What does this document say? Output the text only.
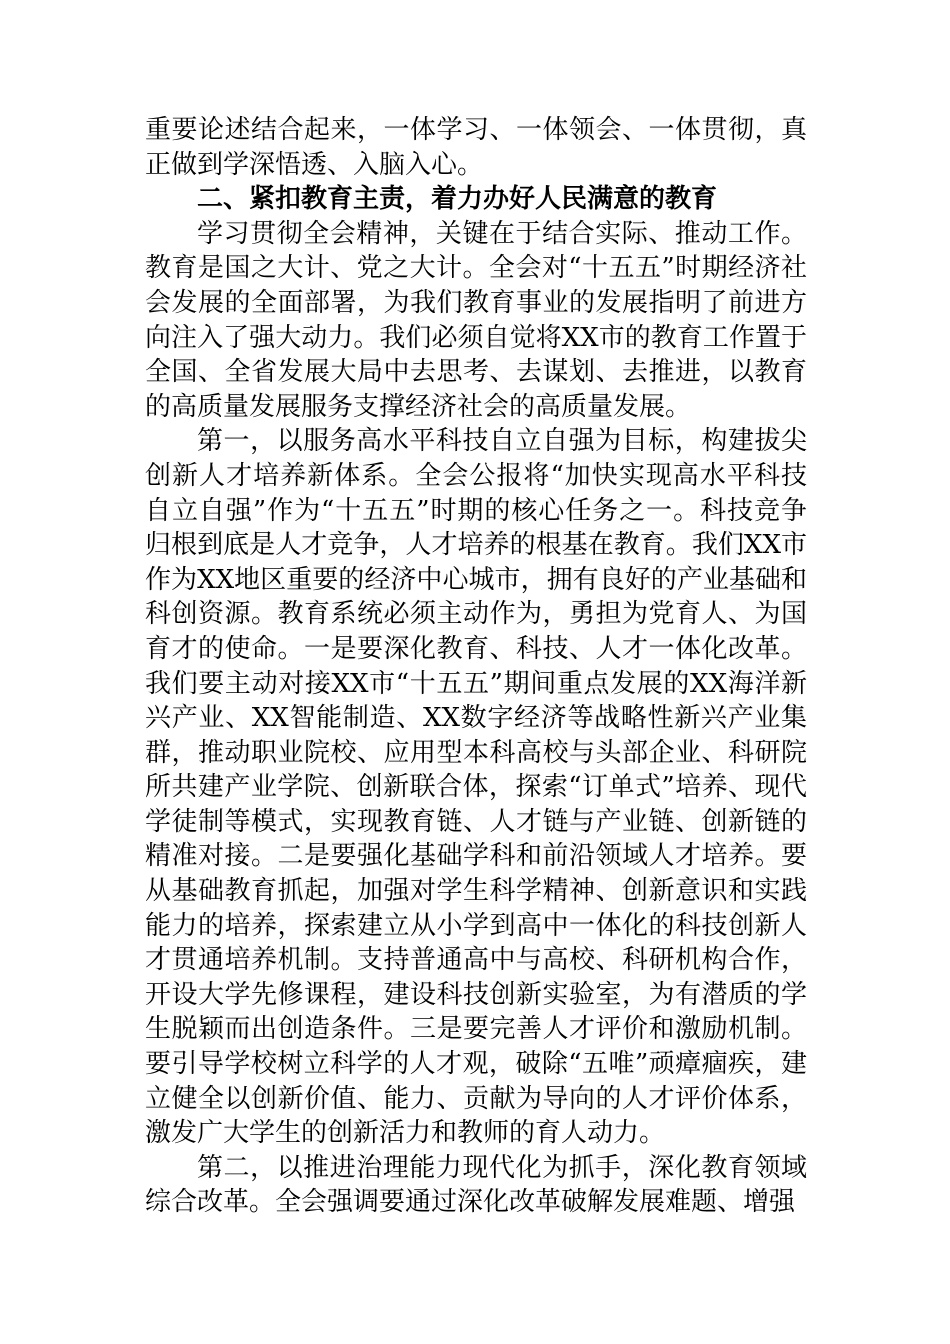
重要论述结合起来，一体学习、一体领会、一体贯彻，真正做到学深悟透、入脑入心。

二、紧扣教育主责，着力办好人民满意的教育

学习贯彻全会精神，关键在于结合实际、推动工作。教育是国之大计、党之大计。全会对“十五五”时期经济社会发展的全面部署，为我们教育事业的发展指明了前进方向注入了强大动力。我们必须自觉将XX市的教育工作置于全国、全省发展大局中去思考、去谋划、去推进，以教育的高质量发展服务支撑经济社会的高质量发展。

第一，以服务高水平科技自立自强为目标，构建拔尖创新人才培养新体系。全会公报将“加快实现高水平科技自立自强”作为“十五五”时期的核心任务之一。科技竞争归根到底是人才竞争，人才培养的根基在教育。我们XX市作为XX地区重要的经济中心城市，拥有良好的产业基础和科创资源。教育系统必须主动作为，勇担为党育人、为国育才的使命。一是要深化教育、科技、人才一体化改革。我们要主动对接XX市“十五五”期间重点发展的XX海洋新兴产业、XX智能制造、XX数字经济等战略性新兴产业集群，推动职业院校、应用型本科高校与头部企业、科研院所共建产业学院、创新联合体，探索“订单式”培养、现代学徒制等模式，实现教育链、人才链与产业链、创新链的精准对接。二是要强化基础学科和前沿领域人才培养。要从基础教育抓起，加强对学生科学精神、创新意识和实践能力的培养，探索建立从小学到高中一体化的科技创新人才贯通培养机制。支持普通高中与高校、科研机构合作，开设大学先修课程，建设科技创新实验室，为有潜质的学生脱颖而出创造条件。三是要完善人才评价和激励机制。要引导学校树立科学的人才观，破除“五唯”顽瘴痼疾，建立健全以创新价值、能力、贡献为导向的人才评价体系，激发广大学生的创新活力和教师的育人动力。

第二，以推进治理能力现代化为抓手，深化教育领域综合改革。全会强调要通过深化改革破解发展难题、增强
